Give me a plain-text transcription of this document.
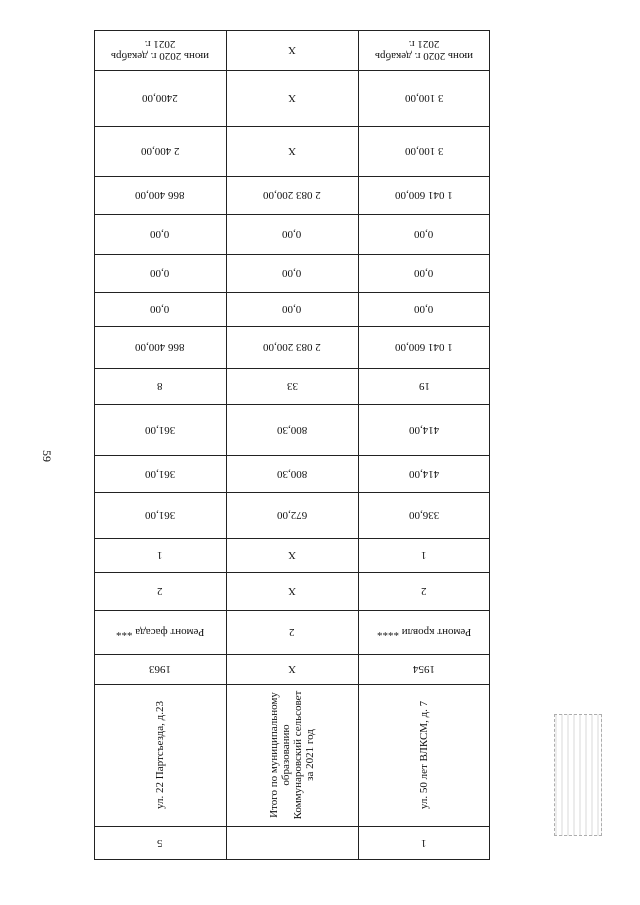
59
июнь 2020 г. декабрь 2021 г.
X
июнь 2020 г. декабрь 2021 г.
3 100,00
X
2400,00
3 100,00
X
2 400,00
1 041 600,00
2 083 200,00
866 400,00
0,00
0,00
0,00
0,00
0,00
0,00
0,00
0,00
0,00
1 041 600,00
2 083 200,00
866 400,00
19
33
8
414,00
800,30
361,00
414,00
800,30
361,00
336,00
672,00
361,00
1
X
1
2
X
2
Ремонт кровли ****
2
Ремонт фасада ***
1954
X
1963
ул. 50 лет ВЛКСМ, д. 7
Итого по муниципальному образованию Коммунаровский сельсовет за 2021 год
ул. 22 Партсъезда, д.23
1
5
